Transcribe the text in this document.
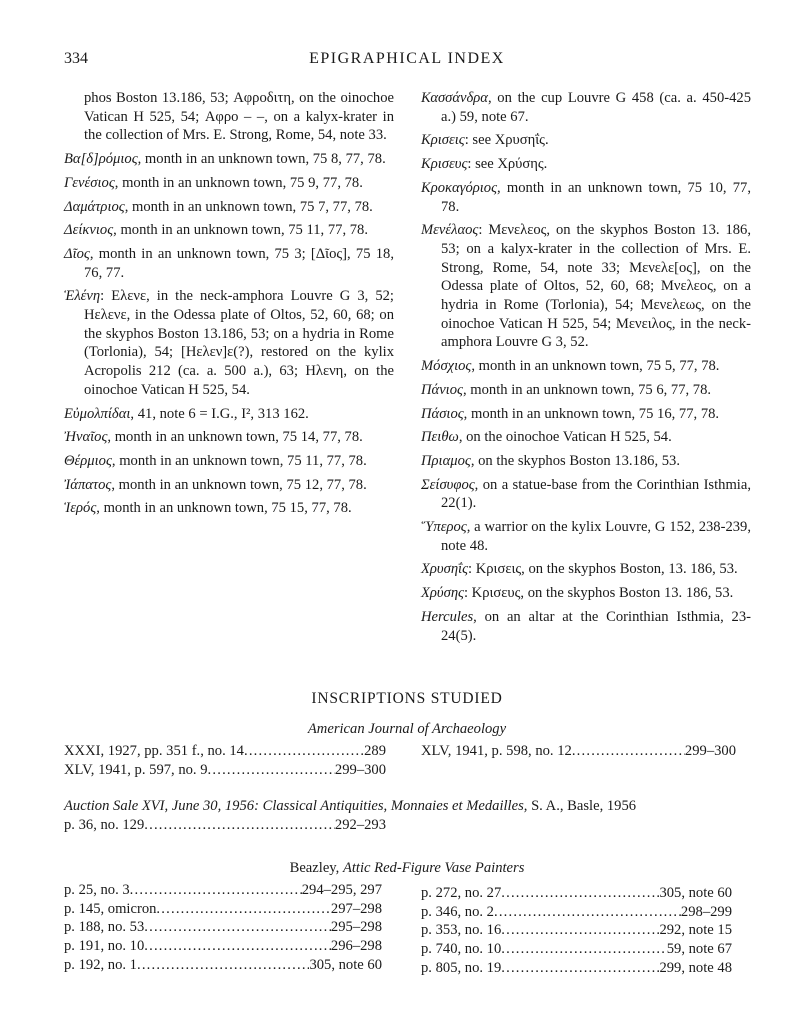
334	EPIGRAPHICAL INDEX
phos Boston 13.186, 53; Αφροδιτη, on the oinochoe Vatican H 525, 54; Αφρο – –, on a kalyx-krater in the collection of Mrs. E. Strong, Rome, 54, note 33.
Βα[δ]ρόμιος, month in an unknown town, 75 8, 77, 78.
Γενέσιος, month in an unknown town, 75 9, 77, 78.
Δαμάτριος, month in an unknown town, 75 7, 77, 78.
Δείκνιος, month in an unknown town, 75 11, 77, 78.
Δῖος, month in an unknown town, 75 3; [Δῖος], 75 18, 76, 77.
Ἑλένη: Ελενε, in the neck-amphora Louvre G 3, 52; Hελενε, in the Odessa plate of Oltos, 52, 60, 68; on the skyphos Boston 13.186, 53; on a hydria in Rome (Torlonia), 54; [Hελεν]ε(?), restored on the kylix Acropolis 212 (ca. a. 500 a.), 63; Hλενη, on the oinochoe Vatican H 525, 54.
Εὐμολπίδαι, 41, note 6 = I.G., I², 313 162.
Ἠναῖος, month in an unknown town, 75 14, 77, 78.
Θέρμιος, month in an unknown town, 75 11, 77, 78.
Ἰάπατος, month in an unknown town, 75 12, 77, 78.
Ἱερός, month in an unknown town, 75 15, 77, 78.
Κασσάνδρα, on the cup Louvre G 458 (ca. a. 450-425 a.) 59, note 67.
Κρισεις: see Χρυσηΐς.
Κρισευς: see Χρύσης.
Κροκαγόριος, month in an unknown town, 75 10, 77, 78.
Μενέλαος: Μενελεος, on the skyphos Boston 13. 186, 53; on a kalyx-krater in the collection of Mrs. E. Strong, Rome, 54, note 33; Μενελε[ος], on the Odessa plate of Oltos, 52, 60, 68; Μνελεος, on a hydria in Rome (Torlonia), 54; Μενελεως, on the oinochoe Vatican H 525, 54; Μενειλος, in the neck-amphora Louvre G 3, 52.
Μόσχιος, month in an unknown town, 75 5, 77, 78.
Πάνιος, month in an unknown town, 75 6, 77, 78.
Πάσιος, month in an unknown town, 75 16, 77, 78.
Πειθω, on the oinochoe Vatican H 525, 54.
Πριαμος, on the skyphos Boston 13.186, 53.
Σείσυφος, on a statue-base from the Corinthian Isthmia, 22(1).
Ὕπερος, a warrior on the kylix Louvre, G 152, 238-239, note 48.
Χρυσηΐς: Κρισεις, on the skyphos Boston, 13. 186, 53.
Χρύσης: Κρισευς, on the skyphos Boston 13. 186, 53.
Hercules, on an altar at the Corinthian Isthmia, 23-24(5).
INSCRIPTIONS STUDIED
American Journal of Archaeology
XXXI, 1927, pp. 351 f., no. 14 .....	289
XLV, 1941, p. 597, no. 9 .....	299–300
XLV, 1941, p. 598, no. 12 .....	299–300
Auction Sale XVI, June 30, 1956: Classical Antiquities, Monnaies et Medailles, S. A., Basle, 1956
p. 36, no. 129 .....	292–293
Beazley, Attic Red-Figure Vase Painters
p. 25, no. 3 .....	294–295, 297
p. 145, omicron .....	297–298
p. 188, no. 53 .....	295–298
p. 191, no. 10 .....	296–298
p. 192, no. 1 .....	305, note 60
p. 272, no. 27 .....	305, note 60
p. 346, no. 2 .....	298–299
p. 353, no. 16 .....	292, note 15
p. 740, no. 10 .....	59, note 67
p. 805, no. 19 .....	299, note 48
